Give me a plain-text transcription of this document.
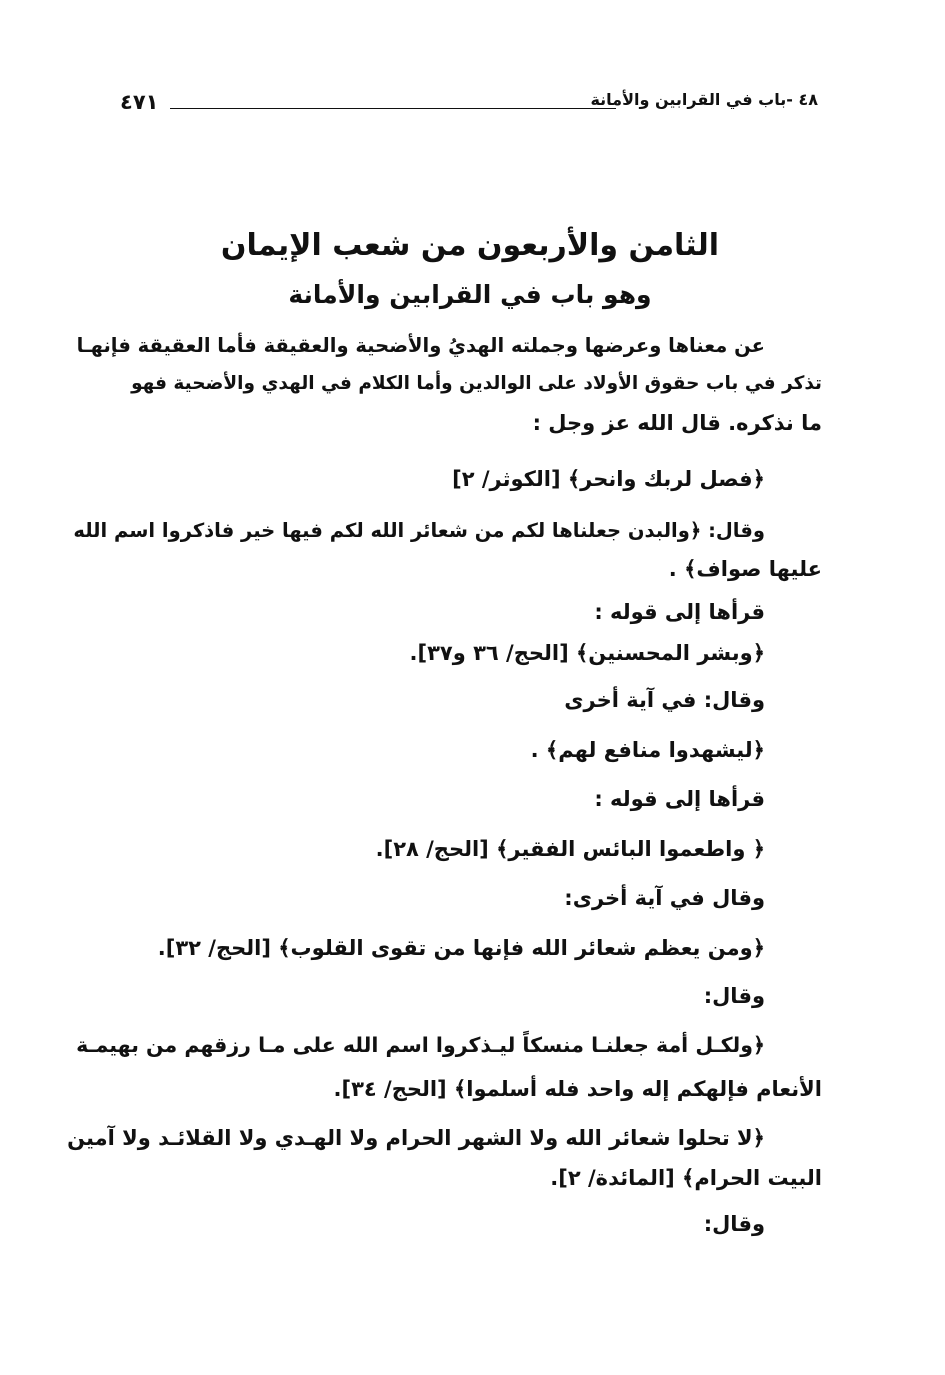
٤٧١	٤٨ -باب في القرابين والأمانة
الثامن والأربعون من شعب الإيمان
وهو باب في القرابين والأمانة
عن معناها وعرضها وجملته الهديُ والأضحية والعقيقة فأما العقيقة فإنهـا
تذكر في باب حقوق الأولاد على الوالدين وأما الكلام في الهدي والأضحية فهو
ما نذكره. قال الله عز وجل :
﴿فصل لربك وانحر﴾ [الكوثر/ ٢]
وقال: ﴿والبدن جعلناها لكم من شعائر الله لكم فيها خير فاذكروا اسم الله
عليها صواف﴾ .
قرأها إلى قوله :
﴿وبشر المحسنين﴾ [الحج/ ٣٦ و٣٧].
وقال: في آية أخرى
﴿ليشهدوا منافع لهم﴾ .
قرأها إلى قوله :
﴿ واطعموا البائس الفقير﴾ [الحج/ ٢٨].
وقال في آية أخرى:
﴿ومن يعظم شعائر الله فإنها من تقوى القلوب﴾ [الحج/ ٣٢].
وقال:
﴿ولكـل أمة جعلنـا منسكاً ليـذكروا اسم الله على مـا رزقهم من بهيمـة
الأنعام فإلهكم إله واحد فله أسلموا﴾ [الحج/ ٣٤].
﴿لا تحلوا شعائر الله ولا الشهر الحرام ولا الهـدي ولا القلائـد ولا آمين
البيت الحرام﴾ [المائدة/ ٢].
وقال:
